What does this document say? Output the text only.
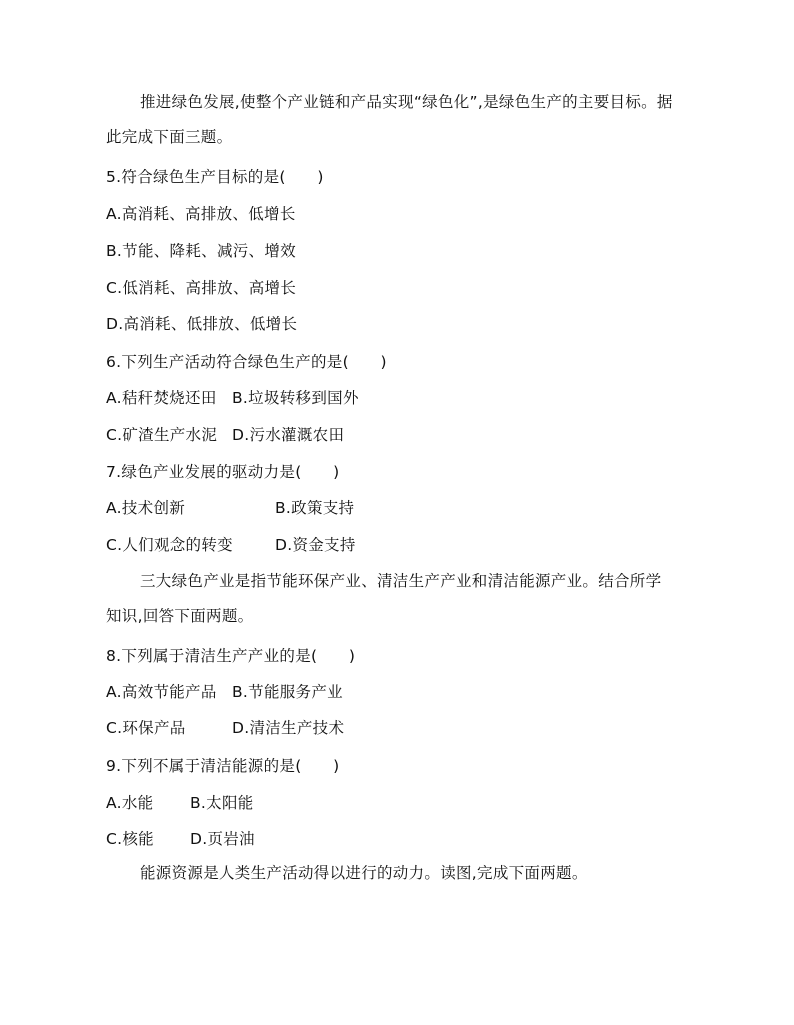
推进绿色发展,使整个产业链和产品实现“绿色化”,是绿色生产的主要目标。据
此完成下面三题。
5.符合绿色生产目标的是(　　)
A.高消耗、高排放、低增长
B.节能、降耗、减污、增效
C.低消耗、高排放、高增长
D.高消耗、低排放、低增长
6.下列生产活动符合绿色生产的是(　　)
A.秸秆焚烧还田 B.垃圾转移到国外
C.矿渣生产水泥 D.污水灌溉农田
7.绿色产业发展的驱动力是(　　)
A.技术创新	B.政策支持
C.人们观念的转变	D.资金支持
三大绿色产业是指节能环保产业、清洁生产产业和清洁能源产业。结合所学
知识,回答下面两题。
8.下列属于清洁生产产业的是(　　)
A.高效节能产品 B.节能服务产业
C.环保产品	D.清洁生产技术
9.下列不属于清洁能源的是(　　)
A.水能 B.太阳能
C.核能 D.页岩油
能源资源是人类生产活动得以进行的动力。读图,完成下面两题。
